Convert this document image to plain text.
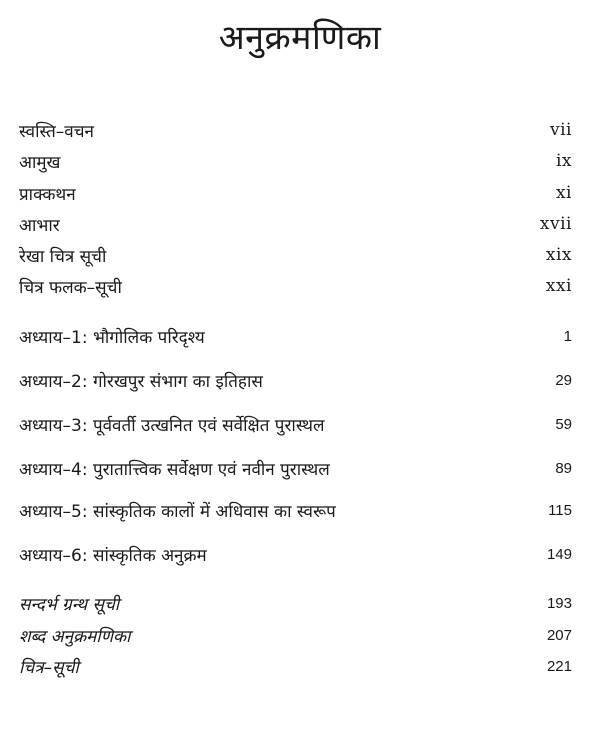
अनुक्रमणिका
स्वस्ति–वचन	vii
आमुख	ix
प्राक्कथन	xi
आभार	xvii
रेखा चित्र सूची	xix
चित्र फलक–सूची	xxi
अध्याय–1: भौगोलिक परिदृश्य	1
अध्याय–2: गोरखपुर संभाग का इतिहास	29
अध्याय–3: पूर्ववर्ती उत्खनित एवं सर्वेक्षित पुरास्थल	59
अध्याय–4: पुरातात्त्विक सर्वेक्षण एवं नवीन पुरास्थल	89
अध्याय–5: सांस्कृतिक कालों में अधिवास का स्वरूप	115
अध्याय–6: सांस्कृतिक अनुक्रम	149
सन्दर्भ ग्रन्थ सूची	193
शब्द अनुक्रमणिका	207
चित्र–सूची	221
